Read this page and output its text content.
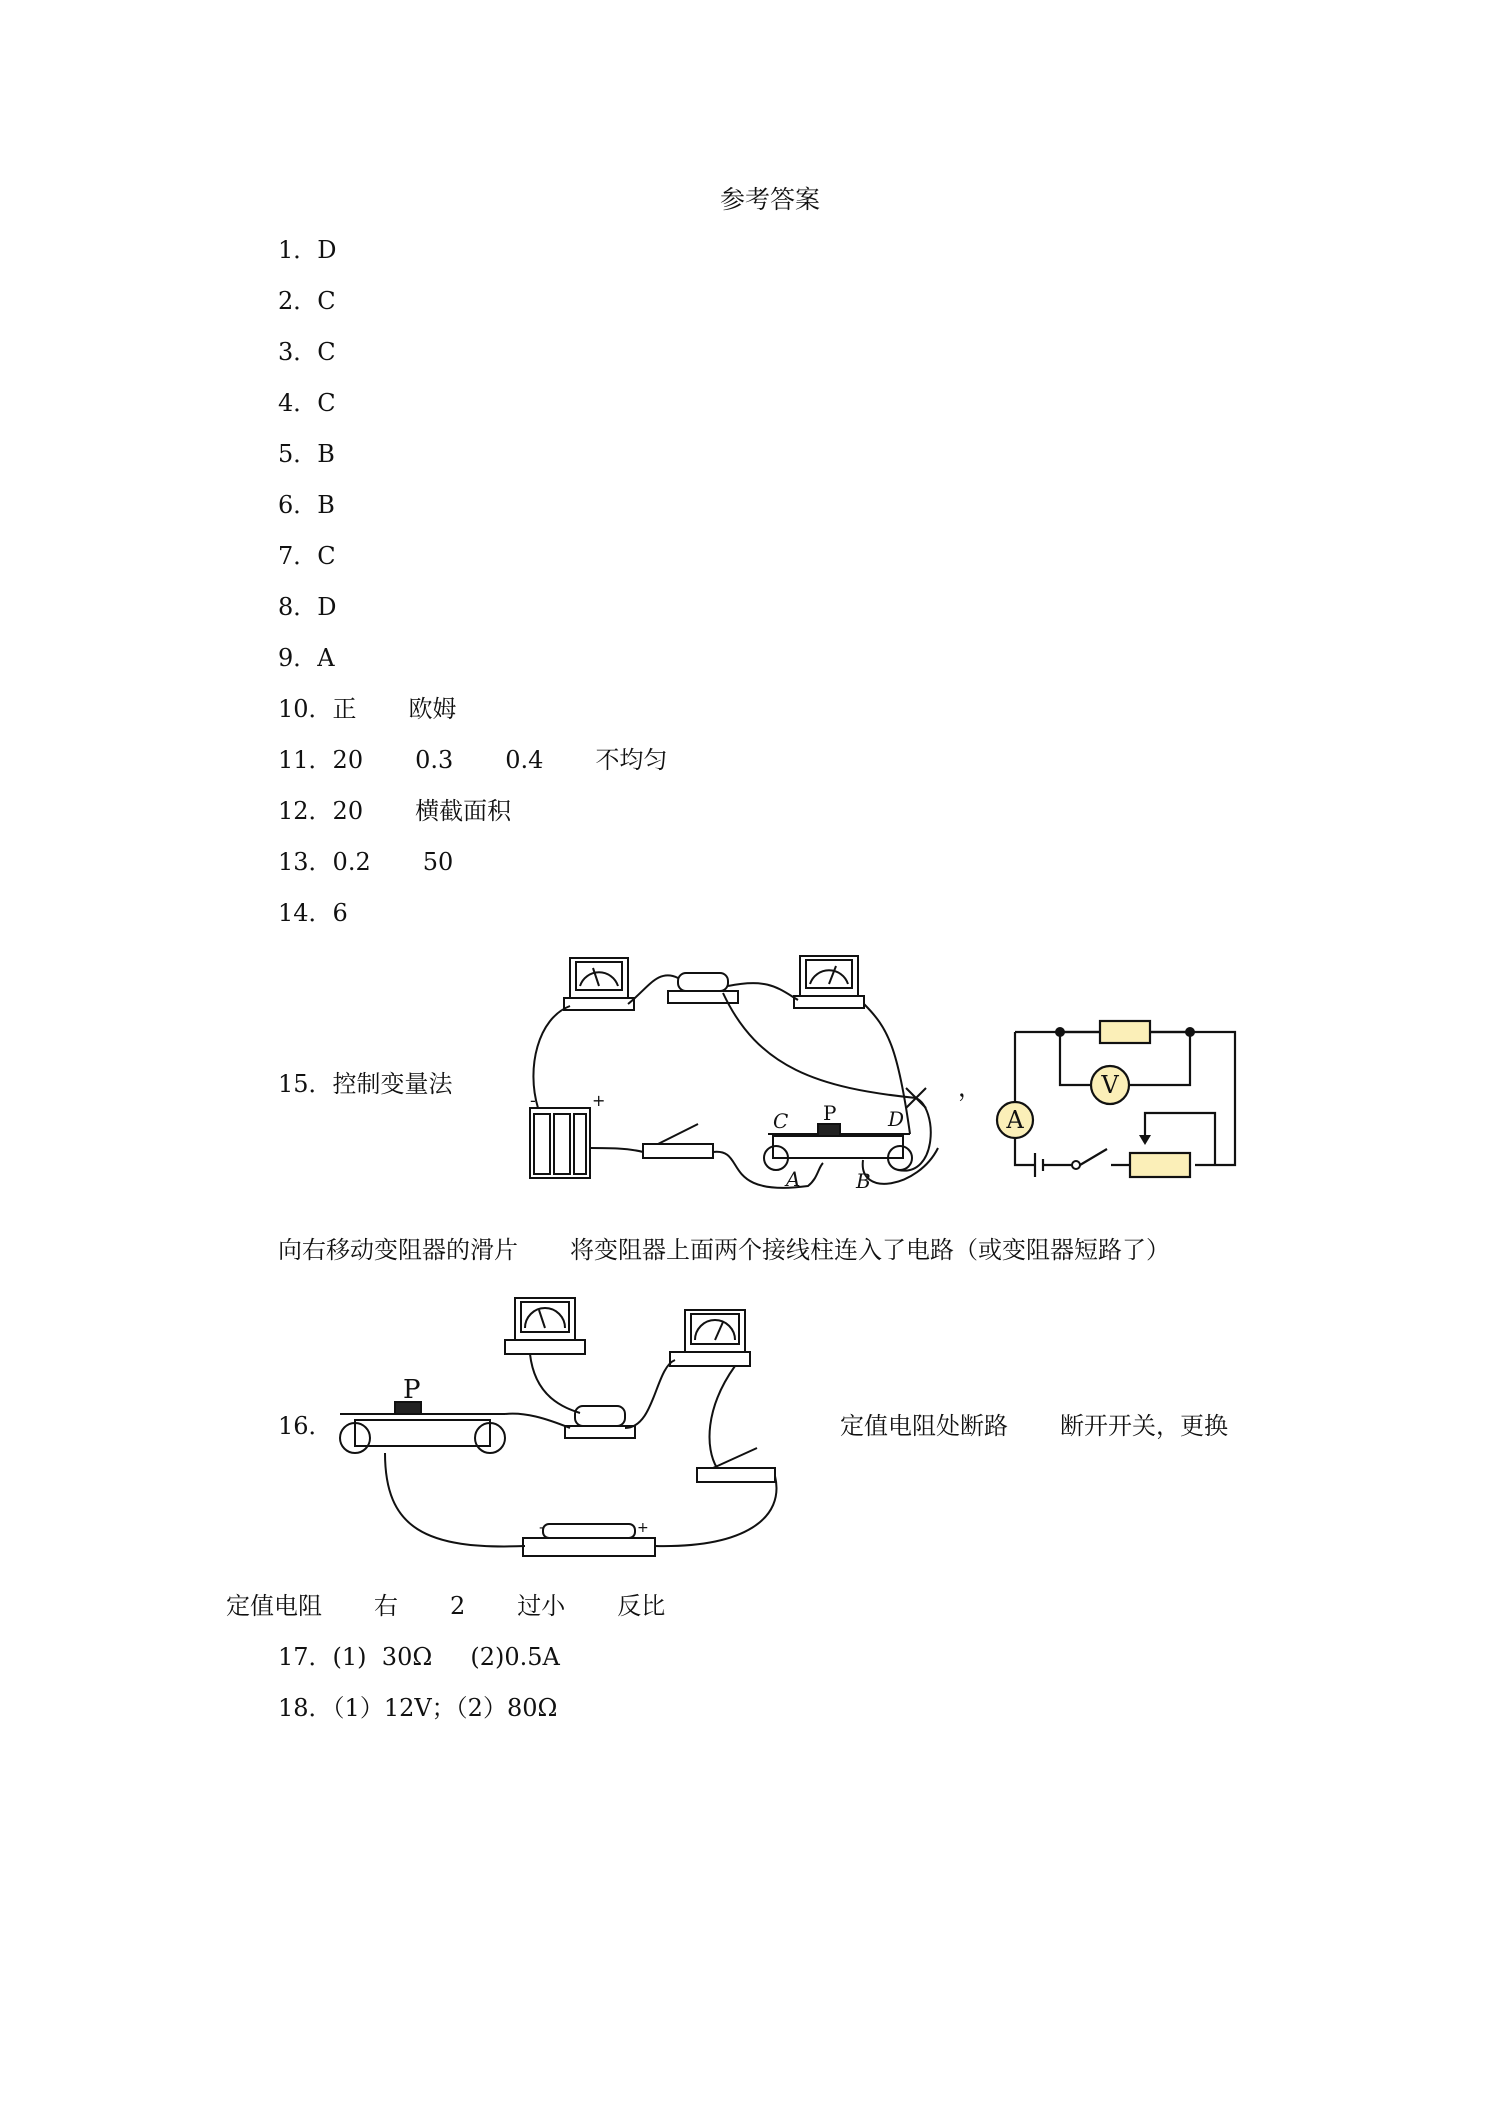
参考答案
1．D
2．C
3．C
4．C
5．B
6．B
7．C
8．D
9．A
10．正 欧姆
11．20 0.3 0.4 不均匀
12．20 横截面积
13．0.2 50
14．6
15．控制变量法
C P	D
A	B
-	+	，
A
V
向右移动变阻器的滑片 将变阻器上面两个接线柱连入了电路（或变阻器短路了）
16．
P
-	+
定值电阻处断路 断开开关，更换
定值电阻 右 2 过小 反比
17．(1)  30Ω     (2)0.5A
18．（1）12V；（2）80Ω
